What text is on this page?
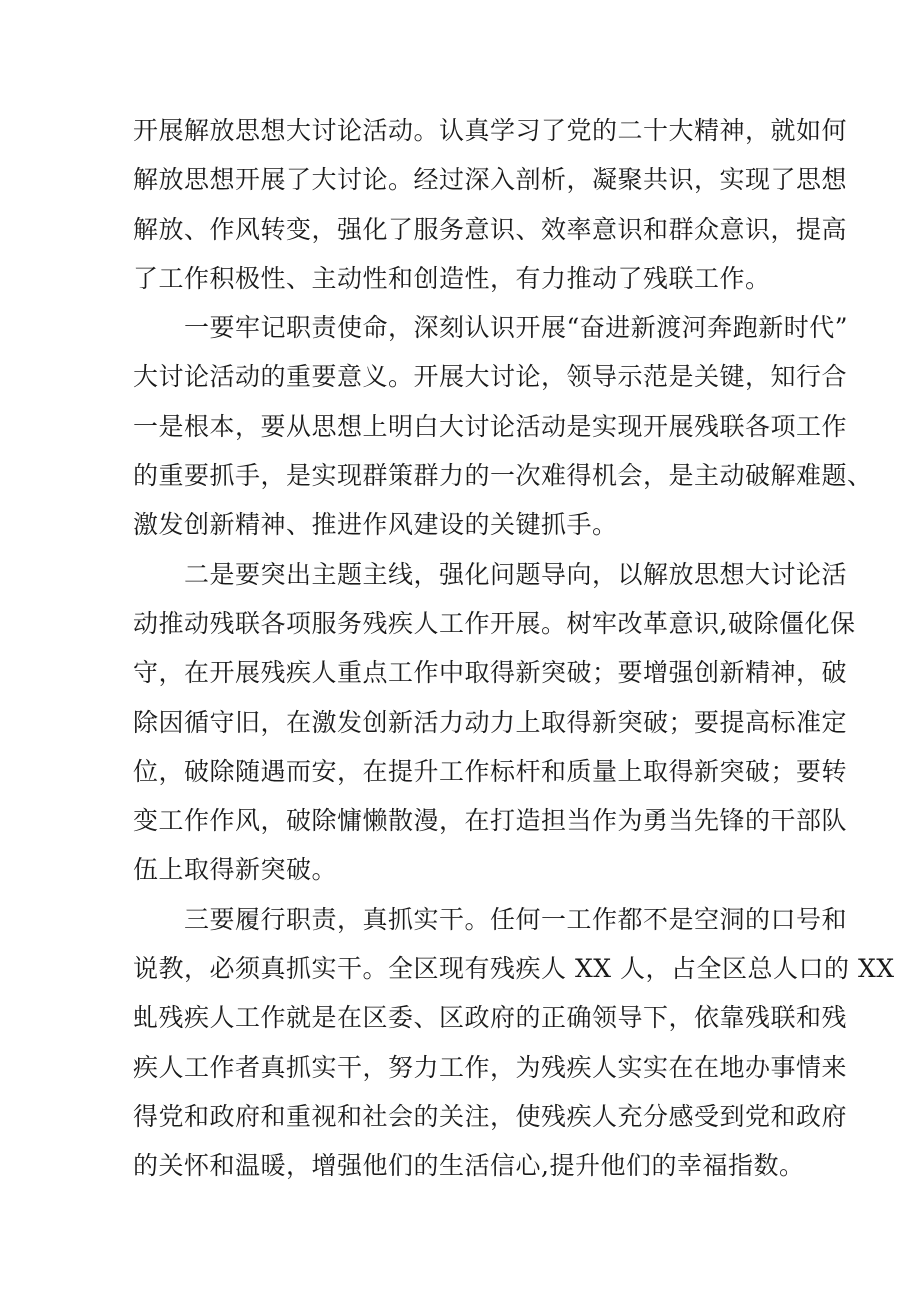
开展解放思想大讨论活动。认真学习了党的二十大精神，就如何
解放思想开展了大讨论。经过深入剖析，凝聚共识，实现了思想
解放、作风转变，强化了服务意识、效率意识和群众意识，提高
了工作积极性、主动性和创造性，有力推动了残联工作。
一要牢记职责使命，深刻认识开展“奋进新渡河奔跑新时代”
大讨论活动的重要意义。开展大讨论，领导示范是关键，知行合
一是根本，要从思想上明白大讨论活动是实现开展残联各项工作
的重要抓手，是实现群策群力的一次难得机会，是主动破解难题、
激发创新精神、推进作风建设的关键抓手。
二是要突出主题主线，强化问题导向，以解放思想大讨论活
动推动残联各项服务残疾人工作开展。树牢改革意识,破除僵化保
守，在开展残疾人重点工作中取得新突破；要增强创新精神，破
除因循守旧，在激发创新活力动力上取得新突破；要提高标准定
位，破除随遇而安，在提升工作标杆和质量上取得新突破；要转
变工作作风，破除慵懒散漫，在打造担当作为勇当先锋的干部队
伍上取得新突破。
三要履行职责，真抓实干。任何一工作都不是空洞的口号和
说教，必须真抓实干。全区现有残疾人 XX 人，占全区总人口的 XX
虬残疾人工作就是在区委、区政府的正确领导下，依靠残联和残
疾人工作者真抓实干，努力工作，为残疾人实实在在地办事情来
得党和政府和重视和社会的关注，使残疾人充分感受到党和政府
的关怀和温暖，增强他们的生活信心,提升他们的幸福指数。
